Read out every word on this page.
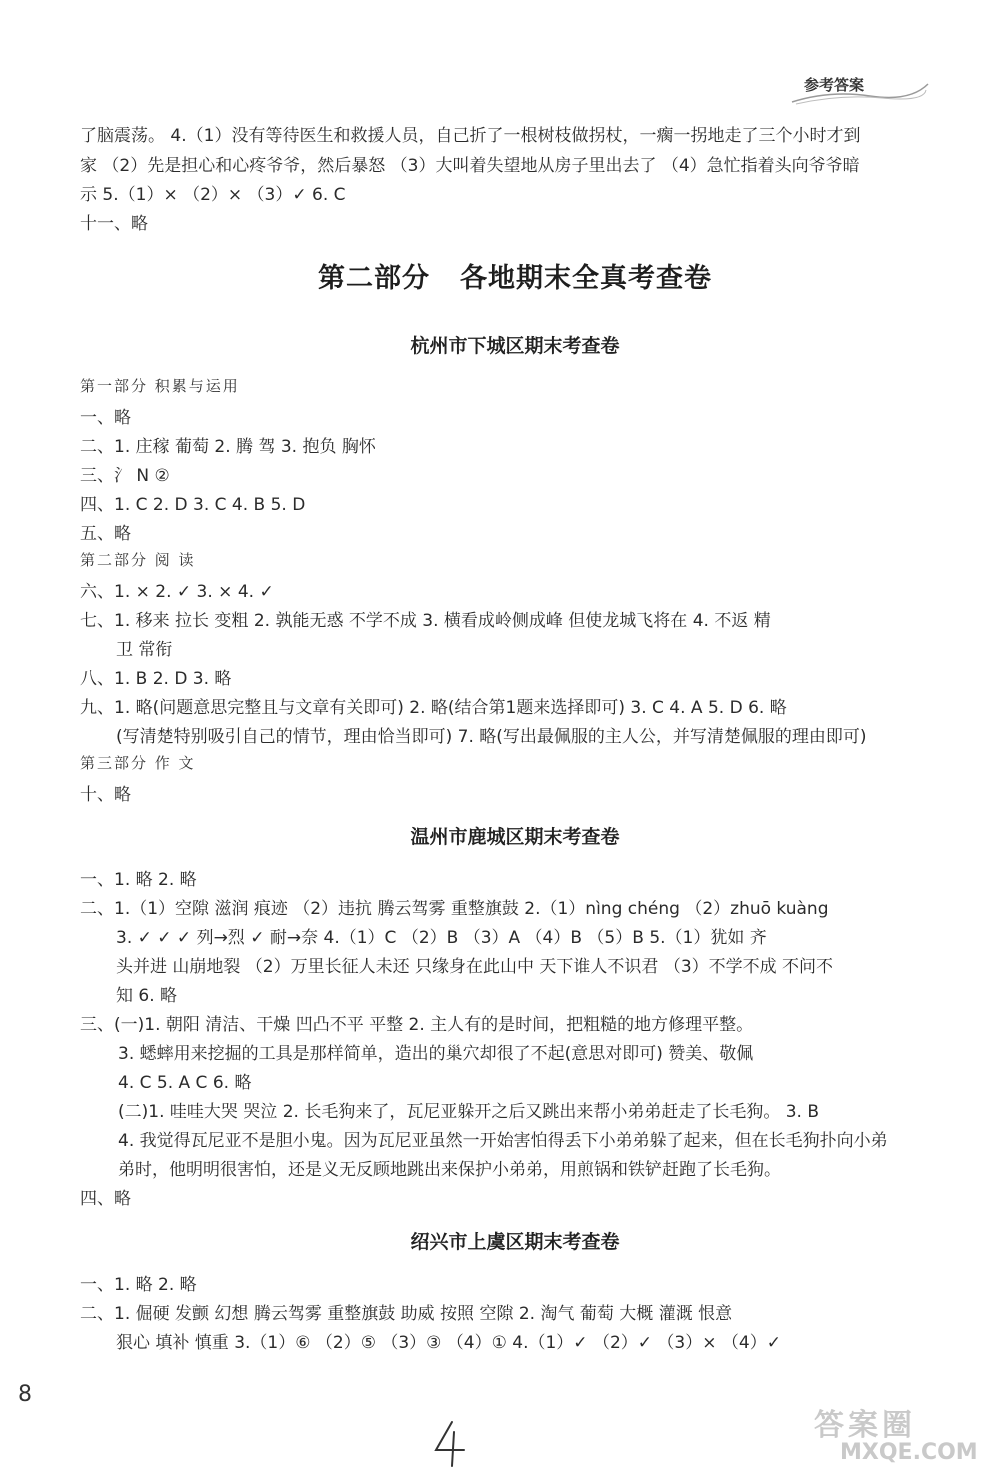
参考答案
了脑震荡。 4.（1）没有等待医生和救援人员，自己折了一根树枝做拐杖，一瘸一拐地走了三个小时才到
家 （2）先是担心和心疼爷爷，然后暴怒 （3）大叫着失望地从房子里出去了 （4）急忙指着头向爷爷暗
示 5.（1）× （2）× （3）✓ 6. C
十一、略
第二部分 各地期末全真考查卷
杭州市下城区期末考查卷
第一部分 积累与运用
一、略
二、1. 庄稼 葡萄 2. 腾 驾 3. 抱负 胸怀
三、氵 N ②
四、1. C 2. D 3. C 4. B 5. D
五、略
第二部分 阅 读
六、1. × 2. ✓ 3. × 4. ✓
七、1. 移来 拉长 变粗 2. 孰能无惑 不学不成 3. 横看成岭侧成峰 但使龙城飞将在 4. 不返 精
卫 常衔
八、1. B 2. D 3. 略
九、1. 略(问题意思完整且与文章有关即可) 2. 略(结合第1题来选择即可) 3. C 4. A 5. D 6. 略
(写清楚特别吸引自己的情节，理由恰当即可) 7. 略(写出最佩服的主人公，并写清楚佩服的理由即可)
第三部分 作 文
十、略
温州市鹿城区期末考查卷
一、1. 略 2. 略
二、1.（1）空隙 滋润 痕迹 （2）违抗 腾云驾雾 重整旗鼓 2.（1）nìng chéng （2）zhuō kuàng
3. ✓ ✓ ✓ 列→烈 ✓ 耐→奈 4.（1）C （2）B （3）A （4）B （5）B 5.（1）犹如 齐
头并进 山崩地裂 （2）万里长征人未还 只缘身在此山中 天下谁人不识君 （3）不学不成 不问不
知 6. 略
三、(一)1. 朝阳 清洁、干燥 凹凸不平 平整 2. 主人有的是时间，把粗糙的地方修理平整。
3. 蟋蟀用来挖掘的工具是那样简单，造出的巢穴却很了不起(意思对即可) 赞美、敬佩
4. C 5. A C 6. 略
(二)1. 哇哇大哭 哭泣 2. 长毛狗来了，瓦尼亚躲开之后又跳出来帮小弟弟赶走了长毛狗。 3. B
4. 我觉得瓦尼亚不是胆小鬼。因为瓦尼亚虽然一开始害怕得丢下小弟弟躲了起来，但在长毛狗扑向小弟
弟时，他明明很害怕，还是义无反顾地跳出来保护小弟弟，用煎锅和铁铲赶跑了长毛狗。
四、略
绍兴市上虞区期末考查卷
一、1. 略 2. 略
二、1. 倔硬 发颤 幻想 腾云驾雾 重整旗鼓 助威 按照 空隙 2. 淘气 葡萄 大概 灌溉 恨意
狠心 填补 慎重 3.（1）⑥ （2）⑤ （3）③ （4）① 4.（1）✓ （2）✓ （3）× （4）✓
8
答案圈
MXQE.COM
